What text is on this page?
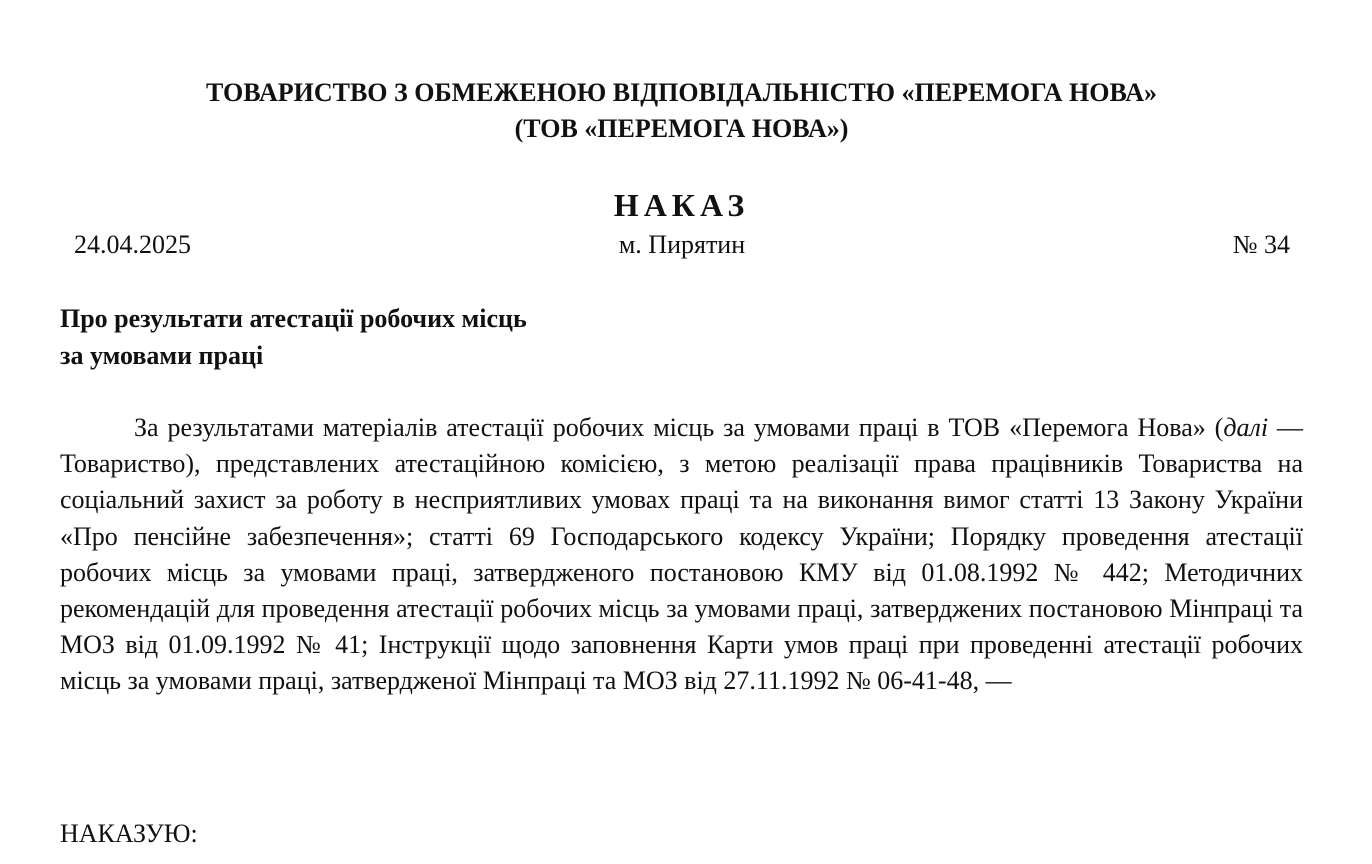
ТОВАРИСТВО З ОБМЕЖЕНОЮ ВІДПОВІДАЛЬНІСТЮ «ПЕРЕМОГА НОВА»
(ТОВ «ПЕРЕМОГА НОВА»)
НАКАЗ
24.04.2025	м. Пирятин	№ 34
Про результати атестації робочих місць
за умовами праці
За результатами матеріалів атестації робочих місць за умовами праці в ТОВ «Перемога Нова» (далі — Товариство), представлених атестаційною комісією, з метою реалізації права працівників Товариства на соціальний захист за роботу в несприятливих умовах праці та на виконання вимог статті 13 Закону України «Про пенсійне забезпечення»; статті 69 Господарського кодексу України; Порядку проведення атестації робочих місць за умовами праці, затвердженого постановою КМУ від 01.08.1992 № 442; Методичних рекомендацій для проведення атестації робочих місць за умовами праці, затверджених постановою Мінпраці та МОЗ від 01.09.1992 № 41; Інструкції щодо заповнення Карти умов праці при проведенні атестації робочих місць за умовами праці, затвердженої Мінпраці та МОЗ від 27.11.1992 № 06-41-48, —
НАКАЗУЮ:
